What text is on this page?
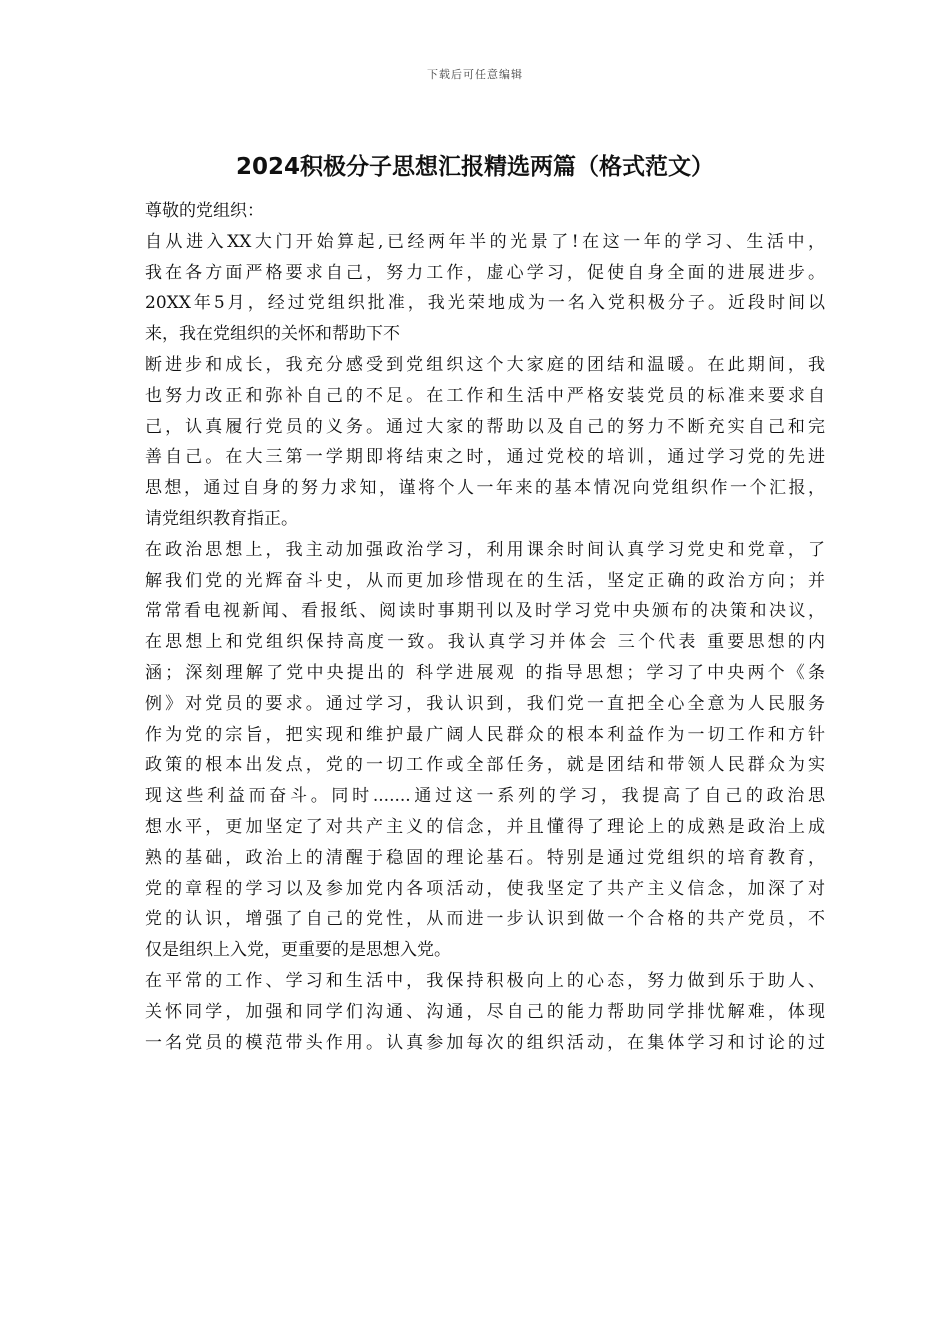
下载后可任意编辑
2024积极分子思想汇报精选两篇（格式范文）
尊敬的党组织：
自从进入XX大门开始算起,已经两年半的光景了!在这一年的学习、生活中，
我在各方面严格要求自己，努力工作，虚心学习，促使自身全面的进展进步。
20XX年5月，经过党组织批准，我光荣地成为一名入党积极分子。近段时间以
来，我在党组织的关怀和帮助下不
断进步和成长，我充分感受到党组织这个大家庭的团结和温暖。在此期间，我
也努力改正和弥补自己的不足。在工作和生活中严格安装党员的标准来要求自
己，认真履行党员的义务。通过大家的帮助以及自己的努力不断充实自己和完
善自己。在大三第一学期即将结束之时，通过党校的培训，通过学习党的先进
思想，通过自身的努力求知，谨将个人一年来的基本情况向党组织作一个汇报，
请党组织教育指正。
在政治思想上，我主动加强政治学习，利用课余时间认真学习党史和党章，了
解我们党的光辉奋斗史，从而更加珍惜现在的生活，坚定正确的政治方向；并
常常看电视新闻、看报纸、阅读时事期刊以及时学习党中央颁布的决策和决议，
在思想上和党组织保持高度一致。我认真学习并体会 三个代表 重要思想的内
涵；深刻理解了党中央提出的 科学进展观 的指导思想；学习了中央两个《条
例》对党员的要求。通过学习，我认识到，我们党一直把全心全意为人民服务
作为党的宗旨，把实现和维护最广阔人民群众的根本利益作为一切工作和方针
政策的根本出发点，党的一切工作或全部任务，就是团结和带领人民群众为实
现这些利益而奋斗。同时.......通过这一系列的学习，我提高了自己的政治思
想水平，更加坚定了对共产主义的信念，并且懂得了理论上的成熟是政治上成
熟的基础，政治上的清醒于稳固的理论基石。特别是通过党组织的培育教育，
党的章程的学习以及参加党内各项活动，使我坚定了共产主义信念，加深了对
党的认识，增强了自己的党性，从而进一步认识到做一个合格的共产党员，不
仅是组织上入党，更重要的是思想入党。
在平常的工作、学习和生活中，我保持积极向上的心态，努力做到乐于助人、
关怀同学，加强和同学们沟通、沟通，尽自己的能力帮助同学排忧解难，体现
一名党员的模范带头作用。认真参加每次的组织活动，在集体学习和讨论的过
